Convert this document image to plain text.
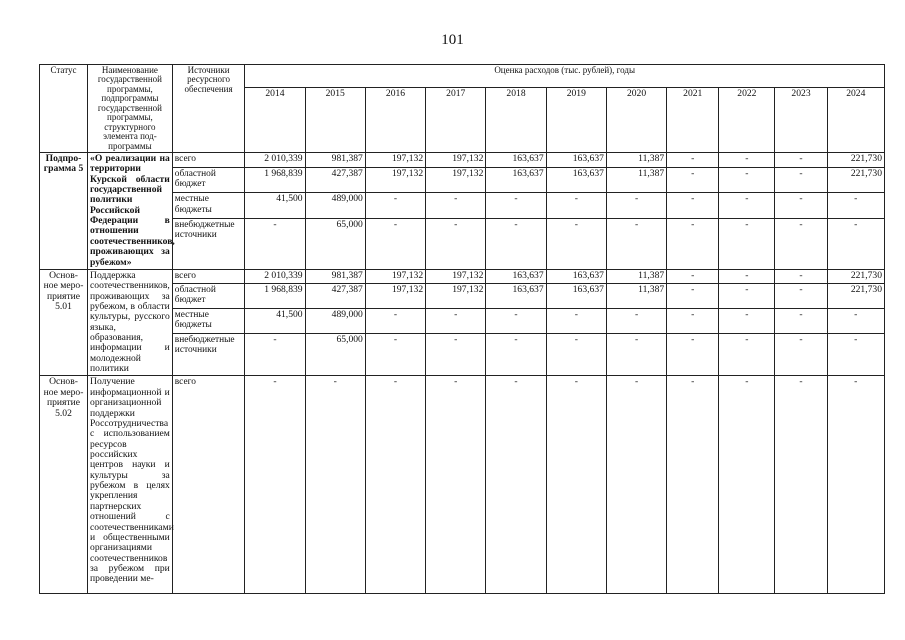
101
Статус	Наименование государственной программы, подпрограммы государственной программы, структурного элемента под-программы	Источники ресурсного обеспечения	Оценка расходов (тыс. рублей), годы										
			2014	2015	2016	2017	2018	2019	2020	2021	2022	2023	2024
Подпро-грамма 5	«О реализации на территории Курской области государственной политики Российской Федерации в отношении соотечественников, проживающих за рубежом»	всего	2 010,339	981,387	197,132	197,132	163,637	163,637	11,387	-	-	-	221,730
		областной бюджет	1 968,839	427,387	197,132	197,132	163,637	163,637	11,387	-	-	-	221,730
		местные бюджеты	41,500	489,000	-	-	-	-	-	-	-	-	-
		внебюджетные источники	-	65,000	-	-	-	-	-	-	-	-	-
Основ-ное меро-приятие 5.01	Поддержка соотечественников, проживающих за рубежом, в области культуры, русского языка, образования, информации и молодежной политики	всего	2 010,339	981,387	197,132	197,132	163,637	163,637	11,387	-	-	-	221,730
		областной бюджет	1 968,839	427,387	197,132	197,132	163,637	163,637	11,387	-	-	-	221,730
		местные бюджеты	41,500	489,000	-	-	-	-	-	-	-	-	-
		внебюджетные источники	-	65,000	-	-	-	-	-	-	-	-	-
Основ-ное меро-приятие 5.02	Получение информационной и организационной поддержки Россотрудничества с использованием ресурсов российских центров науки и культуры за рубежом в целях укрепления партнерских отношений с соотечественниками и общественными организациями соотечественников за рубежом при проведении ме-	всего	-	-	-	-	-	-	-	-	-	-	-
